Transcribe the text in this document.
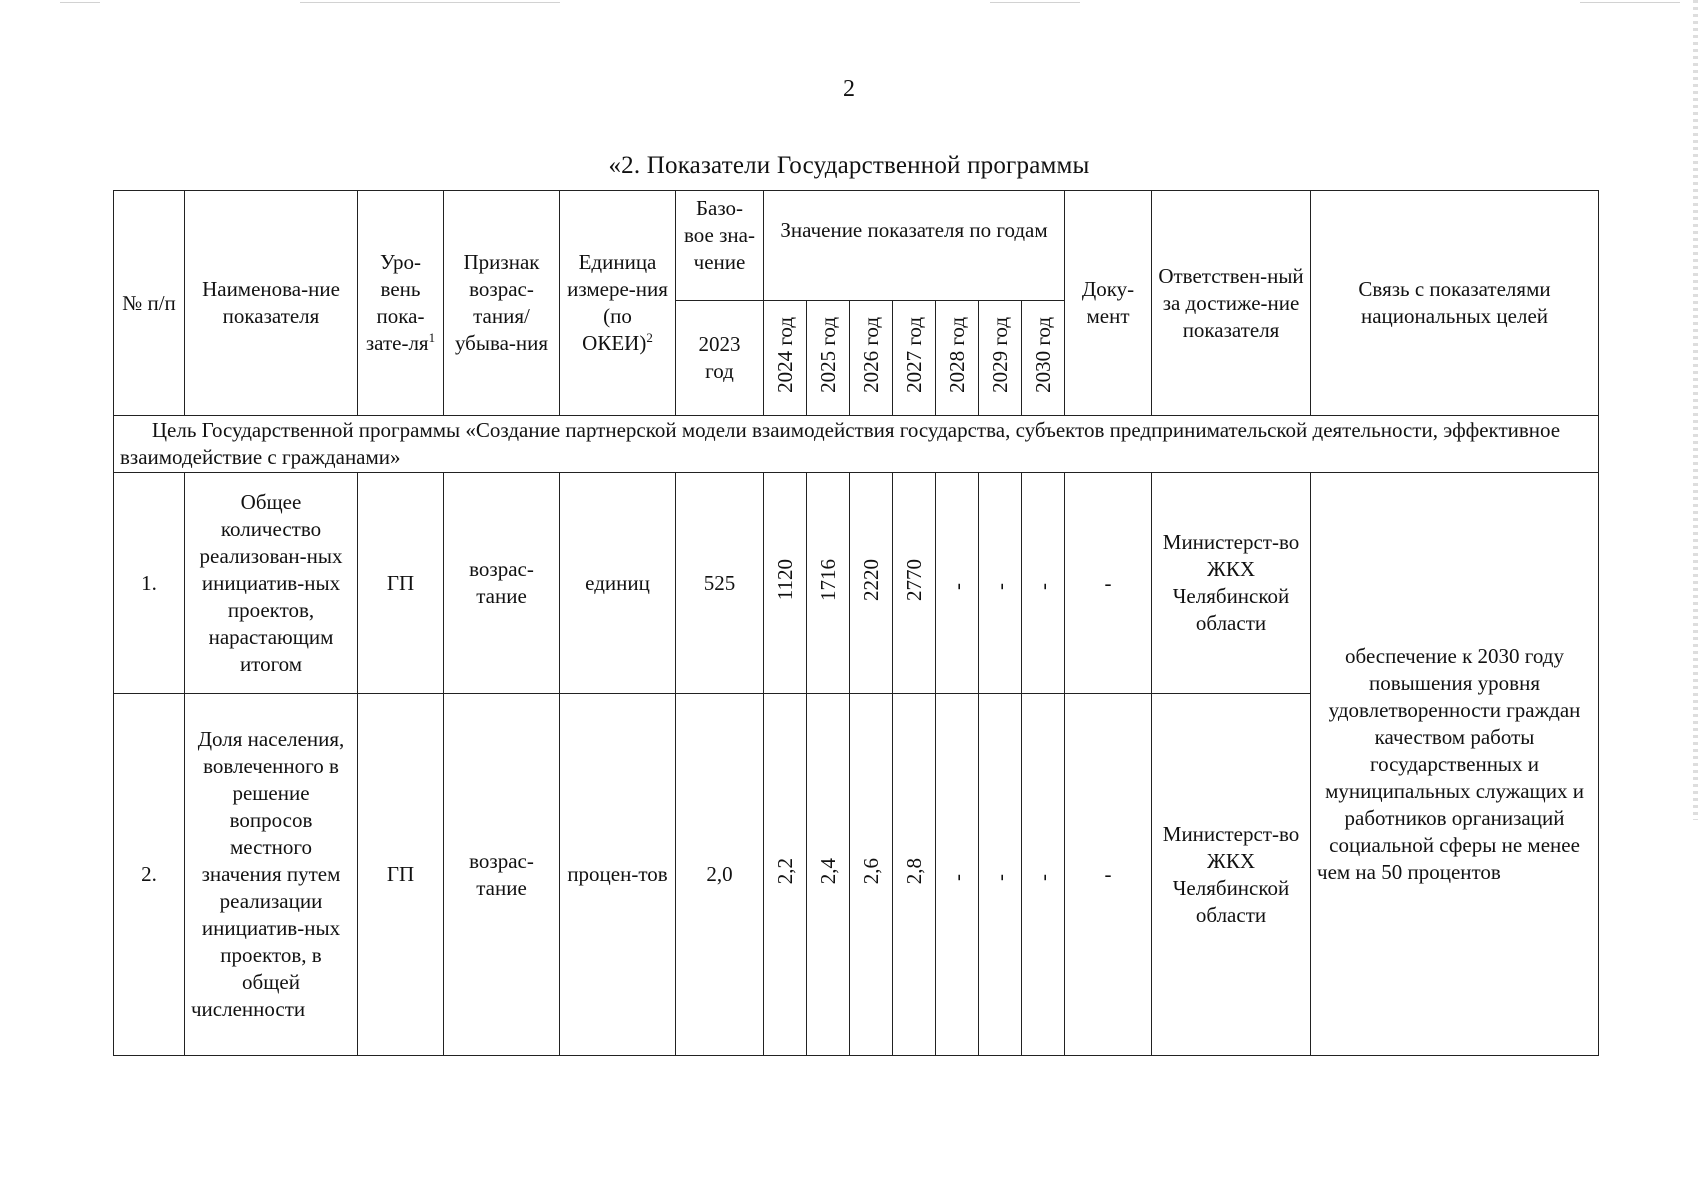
2
«2. Показатели Государственной программы
№ п/п	Наименова-ние показателя	Уро-вень пока-$зате-ля^1$	Признак возрас-тания/ убыва-ния	Единица измере-ния (по ОКЕИ)$^2$	Базо-вое зна-чение	Значение показателя по годам							Доку-мент	Ответствен-ный за достиже-ние показателя	Связь с показателями национальных целей
					2023 год	2024 год	2025 год	2026 год	2027 год	2028 год	2029 год	2030 год			
Цель Государственной программы «Создание партнерской модели взаимодействия государства, субъектов предпринимательской деятельности, эффективное взаимодействие с гражданами»															
1.	Общее количество реализован-ных инициатив-ных проектов, нарастающим итогом	ГП	возрас-тание	единиц	525	1120	1716	2220	2770	-	-	-	-	Министерст-во ЖКХ Челябинской области	обеспечение к 2030 году повышения уровня удовлетворенности граждан качеством работы государственных и муниципальных служащих и работников организаций социальной сферы не менее чем на 50 процентов
2.	Доля населения, вовлеченного в решение вопросов местного значения путем реализации инициатив-ных проектов, в общей численности	ГП	возрас-тание	процен-тов	2,0	2,2	2,4	2,6	2,8	-	-	-	-	Министерст-во ЖКХ Челябинской области	
